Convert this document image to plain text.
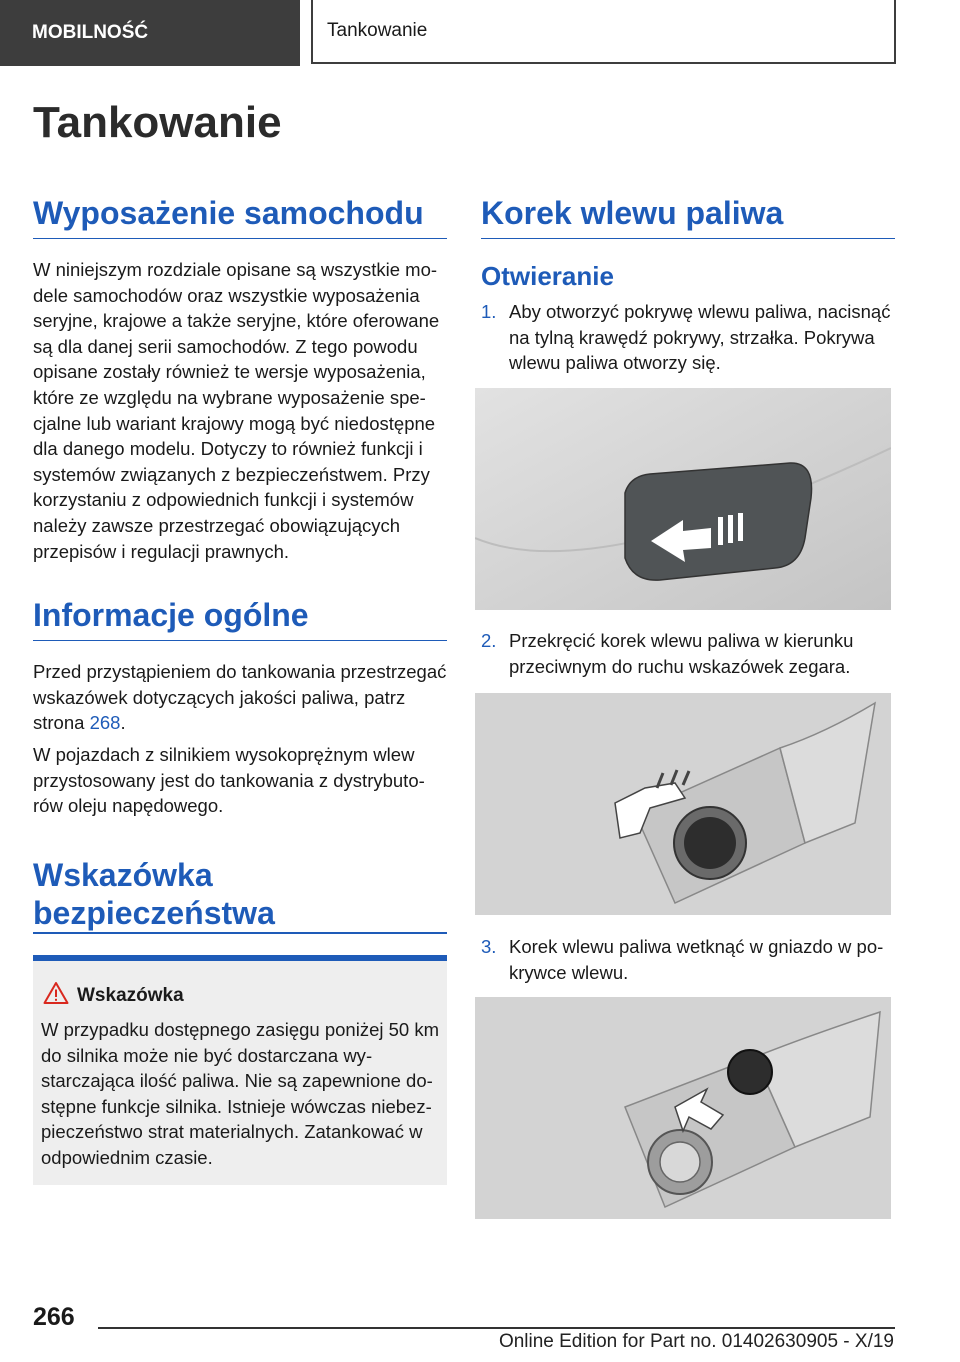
MOBILNOŚĆ	Tankowanie
Tankowanie
Wyposażenie samochodu

W niniejszym rozdziale opisane są wszystkie modele samochodów oraz wszystkie wyposażenia seryjne, krajowe a także seryjne, które oferowane są dla danej serii samochodów. Z tego powodu opisane zostały również te wersje wyposażenia, które ze względu na wybrane wyposażenie specjalne lub wariant krajowy mogą być niedostępne dla danego modelu. Dotyczy to również funkcji i systemów związanych z bezpieczeństwem. Przy korzystaniu z odpowiednich funkcji i systemów należy zawsze przestrzegać obowiązujących przepisów i regulacji prawnych.

Informacje ogólne

Przed przystąpieniem do tankowania przestrzegać wskazówek dotyczących jakości paliwa, patrz strona 268.

W pojazdach z silnikiem wysokoprężnym wlew przystosowany jest do tankowania z dystrybutorów oleju napędowego.

Wskazówka bezpieczeństwa
Wskazówka

W przypadku dostępnego zasięgu poniżej 50 km do silnika może nie być dostarczana wystarczająca ilość paliwa. Nie są zapewnione dostępne funkcje silnika. Istnieje wówczas niebezpieczeństwo strat materialnych. Zatankować w odpowiednim czasie.

Korek wlewu paliwa
Otwieranie
1. Aby otworzyć pokrywę wlewu paliwa, nacisnąć na tylną krawędź pokrywy, strzałka. Pokrywa wlewu paliwa otworzy się.

2. Przekręcić korek wlewu paliwa w kierunku przeciwnym do ruchu wskazówek zegara.

3. Korek wlewu paliwa wetknąć w gniazdo w pokrywce wlewu.

266
Online Edition for Part no. 01402630905 - X/19
